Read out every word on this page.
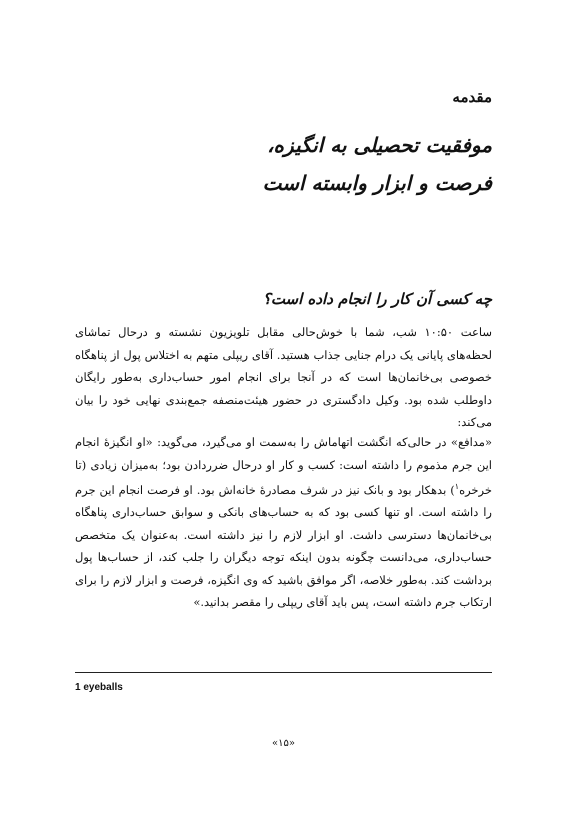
مقدمه
موفقیت تحصیلی به انگیزه،
فرصت و ابزار وابسته است
چه کسی آن کار را انجام داده است؟

ساعت ۱۰:۵۰ شب، شما با خوش‌حالی مقابل تلویزیون نشسته و درحال تماشای لحظه‌های پایانی یک درام جنایی جذاب هستید. آقای ریپلی متهم به اختلاس پول از پناهگاه خصوصی بی‌خانمان‌ها است که در آنجا برای انجام امور حساب‌داری به‌طور رایگان داوطلب شده بود. وکیل دادگستری در حضور هیئت‌منصفه جمع‌بندی نهایی خود را بیان می‌کند:

«مدافع» در حالی‌که انگشت اتهاماش را به‌سمت او می‌گیرد، می‌گوید: «او انگیزهٔ انجام این جرم مذموم را داشته است: کسب و کار او درحال ضرردادن بود؛ به‌میزان زیادی (تا خرخره$^۱$) بدهکار بود و بانک نیز در شرف مصادرهٔ خانه‌اش بود. او فرصت انجام این جرم را داشته است. او تنها کسی بود که به حساب‌های بانکی و سوابق حساب‌داری پناهگاه بی‌خانمان‌ها دسترسی داشت. او ابزار لازم را نیز داشته است. به‌عنوان یک متخصص حساب‌داری، می‌دانست چگونه بدون اینکه توجه دیگران را جلب کند، از حساب‌ها پول برداشت کند. به‌طور خلاصه، اگر موافق باشید که وی انگیزه، فرصت و ابزار لازم را برای ارتکاب جرم داشته است، پس باید آقای ریپلی را مقصر بدانید.»

1 eyeballs
«۱۵»
